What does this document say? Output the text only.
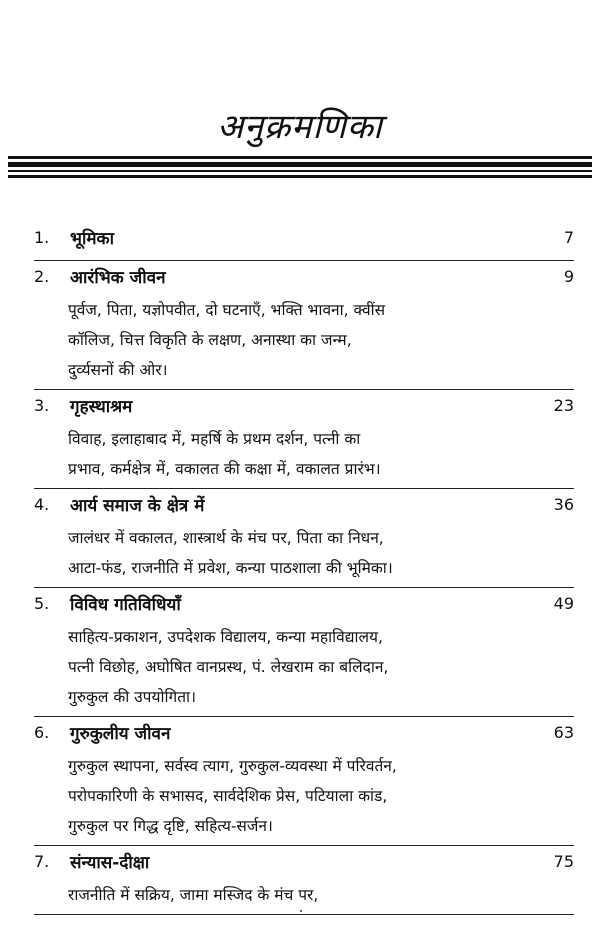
अनुक्रमणिका
1. भूमिका	7
2. आरंभिक जीवन	9
पूर्वज, पिता, यज्ञोपवीत, दो घटनाएँ, भक्ति भावना, क्वींस
कॉलिज, चित्त विकृति के लक्षण, अनास्था का जन्म,
दुर्व्यसनों की ओर।
3. गृहस्थाश्रम	23
विवाह, इलाहाबाद में, महर्षि के प्रथम दर्शन, पत्नी का
प्रभाव, कर्मक्षेत्र में, वकालत की कक्षा में, वकालत प्रारंभ।
4. आर्य समाज के क्षेत्र में	36
जालंधर में वकालत, शास्त्रार्थ के मंच पर, पिता का निधन,
आटा-फंड, राजनीति में प्रवेश, कन्या पाठशाला की भूमिका।
5. विविध गतिविधियाँ	49
साहित्य-प्रकाशन, उपदेशक विद्यालय, कन्या महाविद्यालय,
पत्नी विछोह, अघोषित वानप्रस्थ, पं. लेखराम का बलिदान,
गुरुकुल की उपयोगिता।
6. गुरुकुलीय जीवन	63
गुरुकुल स्थापना, सर्वस्व त्याग, गुरुकुल-व्यवस्था में परिवर्तन,
परोपकारिणी के सभासद, सार्वदेशिक प्रेस, पटियाला कांड,
गुरुकुल पर गिद्ध दृष्टि, सहित्य-सर्जन।
7. संन्यास-दीक्षा	75
राजनीति में सक्रिय, जामा मस्जिद के मंच पर,
